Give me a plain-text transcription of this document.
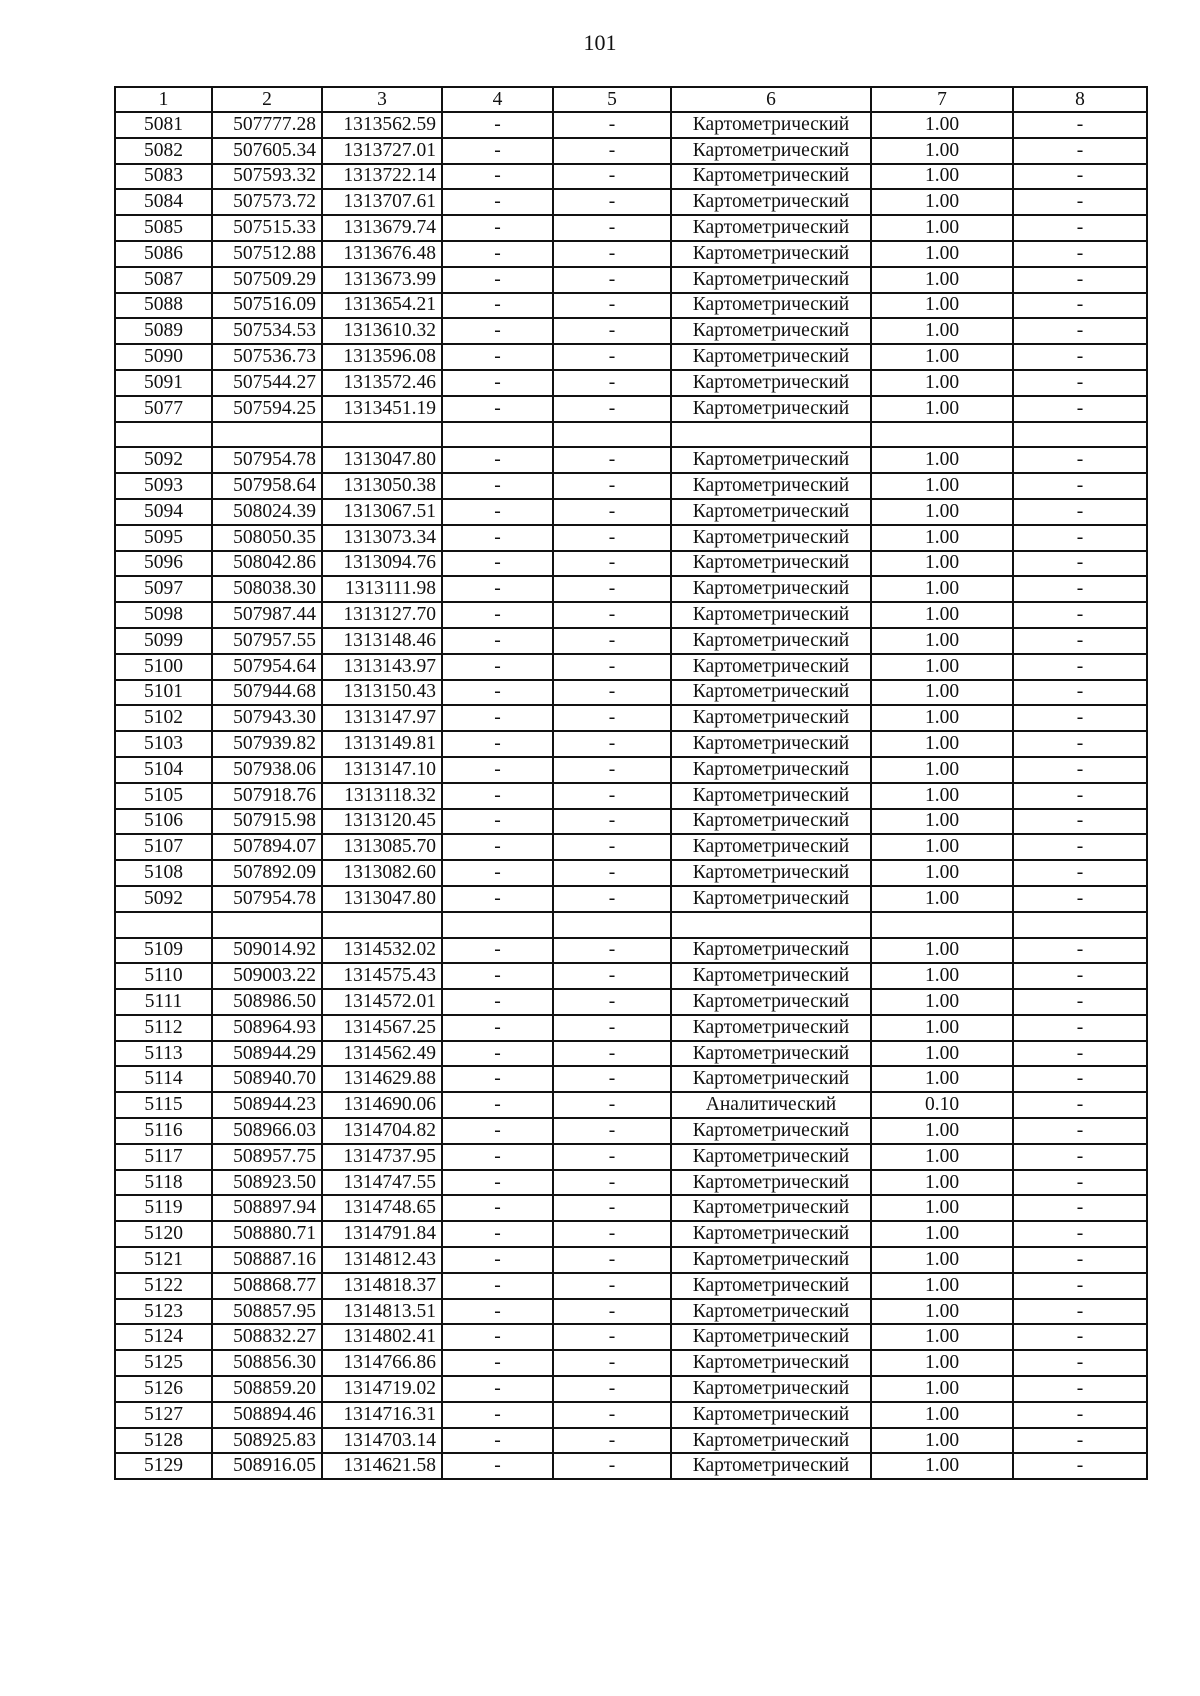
101
1	2	3	4	5	6	7	8
5081	507777.28	1313562.59	-	-	Картометрический	1.00	-
5082	507605.34	1313727.01	-	-	Картометрический	1.00	-
5083	507593.32	1313722.14	-	-	Картометрический	1.00	-
5084	507573.72	1313707.61	-	-	Картометрический	1.00	-
5085	507515.33	1313679.74	-	-	Картометрический	1.00	-
5086	507512.88	1313676.48	-	-	Картометрический	1.00	-
5087	507509.29	1313673.99	-	-	Картометрический	1.00	-
5088	507516.09	1313654.21	-	-	Картометрический	1.00	-
5089	507534.53	1313610.32	-	-	Картометрический	1.00	-
5090	507536.73	1313596.08	-	-	Картометрический	1.00	-
5091	507544.27	1313572.46	-	-	Картометрический	1.00	-
5077	507594.25	1313451.19	-	-	Картометрический	1.00	-

5092	507954.78	1313047.80	-	-	Картометрический	1.00	-
5093	507958.64	1313050.38	-	-	Картометрический	1.00	-
5094	508024.39	1313067.51	-	-	Картометрический	1.00	-
5095	508050.35	1313073.34	-	-	Картометрический	1.00	-
5096	508042.86	1313094.76	-	-	Картометрический	1.00	-
5097	508038.30	1313111.98	-	-	Картометрический	1.00	-
5098	507987.44	1313127.70	-	-	Картометрический	1.00	-
5099	507957.55	1313148.46	-	-	Картометрический	1.00	-
5100	507954.64	1313143.97	-	-	Картометрический	1.00	-
5101	507944.68	1313150.43	-	-	Картометрический	1.00	-
5102	507943.30	1313147.97	-	-	Картометрический	1.00	-
5103	507939.82	1313149.81	-	-	Картометрический	1.00	-
5104	507938.06	1313147.10	-	-	Картометрический	1.00	-
5105	507918.76	1313118.32	-	-	Картометрический	1.00	-
5106	507915.98	1313120.45	-	-	Картометрический	1.00	-
5107	507894.07	1313085.70	-	-	Картометрический	1.00	-
5108	507892.09	1313082.60	-	-	Картометрический	1.00	-
5092	507954.78	1313047.80	-	-	Картометрический	1.00	-

5109	509014.92	1314532.02	-	-	Картометрический	1.00	-
5110	509003.22	1314575.43	-	-	Картометрический	1.00	-
5111	508986.50	1314572.01	-	-	Картометрический	1.00	-
5112	508964.93	1314567.25	-	-	Картометрический	1.00	-
5113	508944.29	1314562.49	-	-	Картометрический	1.00	-
5114	508940.70	1314629.88	-	-	Картометрический	1.00	-
5115	508944.23	1314690.06	-	-	Аналитический	0.10	-
5116	508966.03	1314704.82	-	-	Картометрический	1.00	-
5117	508957.75	1314737.95	-	-	Картометрический	1.00	-
5118	508923.50	1314747.55	-	-	Картометрический	1.00	-
5119	508897.94	1314748.65	-	-	Картометрический	1.00	-
5120	508880.71	1314791.84	-	-	Картометрический	1.00	-
5121	508887.16	1314812.43	-	-	Картометрический	1.00	-
5122	508868.77	1314818.37	-	-	Картометрический	1.00	-
5123	508857.95	1314813.51	-	-	Картометрический	1.00	-
5124	508832.27	1314802.41	-	-	Картометрический	1.00	-
5125	508856.30	1314766.86	-	-	Картометрический	1.00	-
5126	508859.20	1314719.02	-	-	Картометрический	1.00	-
5127	508894.46	1314716.31	-	-	Картометрический	1.00	-
5128	508925.83	1314703.14	-	-	Картометрический	1.00	-
5129	508916.05	1314621.58	-	-	Картометрический	1.00	-
